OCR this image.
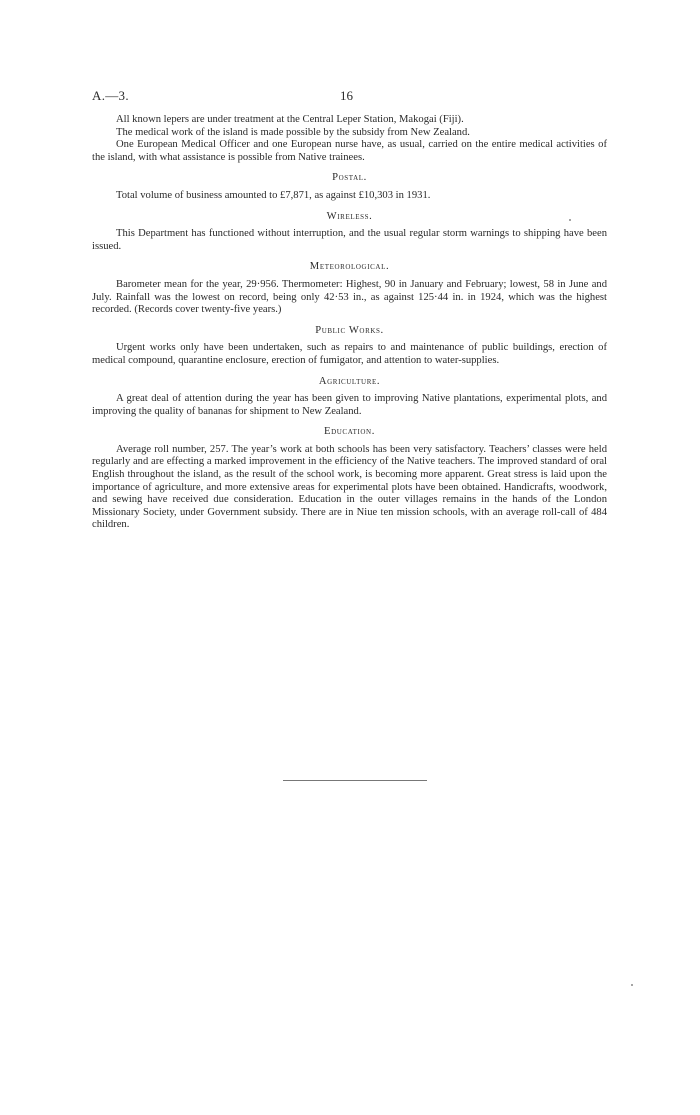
A.—3.	16

All known lepers are under treatment at the Central Leper Station, Makogai (Fiji).

The medical work of the island is made possible by the subsidy from New Zealand.

One European Medical Officer and one European nurse have, as usual, carried on the entire medical activities of the island, with what assistance is possible from Native trainees.

Postal.

Total volume of business amounted to £7,871, as against £10,303 in 1931.

Wireless.

This Department has functioned without interruption, and the usual regular storm warnings to shipping have been issued.

Meteorological.

Barometer mean for the year, 29·956. Thermometer: Highest, 90 in January and February; lowest, 58 in June and July. Rainfall was the lowest on record, being only 42·53 in., as against 125·44 in. in 1924, which was the highest recorded. (Records cover twenty-five years.)

Public Works.

Urgent works only have been undertaken, such as repairs to and maintenance of public buildings, erection of medical compound, quarantine enclosure, erection of fumigator, and attention to water-supplies.

Agriculture.

A great deal of attention during the year has been given to improving Native plantations, experimental plots, and improving the quality of bananas for shipment to New Zealand.

Education.

Average roll number, 257. The year’s work at both schools has been very satisfactory. Teachers’ classes were held regularly and are effecting a marked improvement in the efficiency of the Native teachers. The improved standard of oral English throughout the island, as the result of the school work, is becoming more apparent. Great stress is laid upon the importance of agriculture, and more extensive areas for experimental plots have been obtained. Handicrafts, woodwork, and sewing have received due consideration. Education in the outer villages remains in the hands of the London Missionary Society, under Government subsidy. There are in Niue ten mission schools, with an average roll-call of 484 children.
